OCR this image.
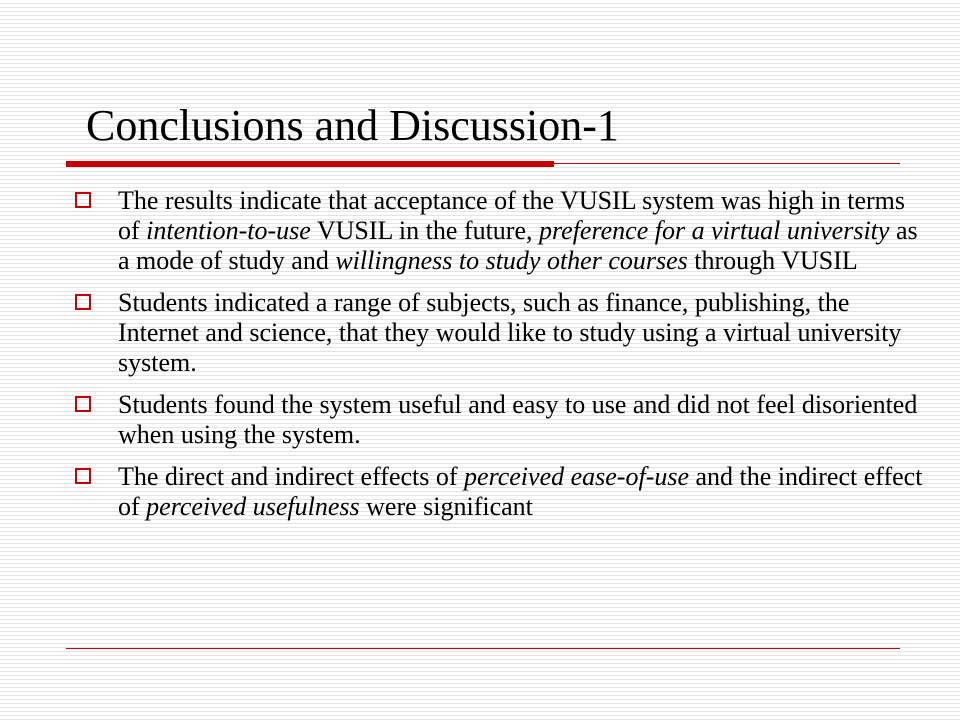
Conclusions and Discussion-1
The results indicate that acceptance of the VUSIL system was high in terms of intention-to-use VUSIL in the future, preference for a virtual university as a mode of study and willingness to study other courses through VUSIL
Students indicated a range of subjects, such as finance, publishing, the Internet and science, that they would like to study using a virtual university system.
Students found the system useful and easy to use and did not feel disoriented when using the system.
The direct and indirect effects of perceived ease-of-use and the indirect effect of perceived usefulness were significant
